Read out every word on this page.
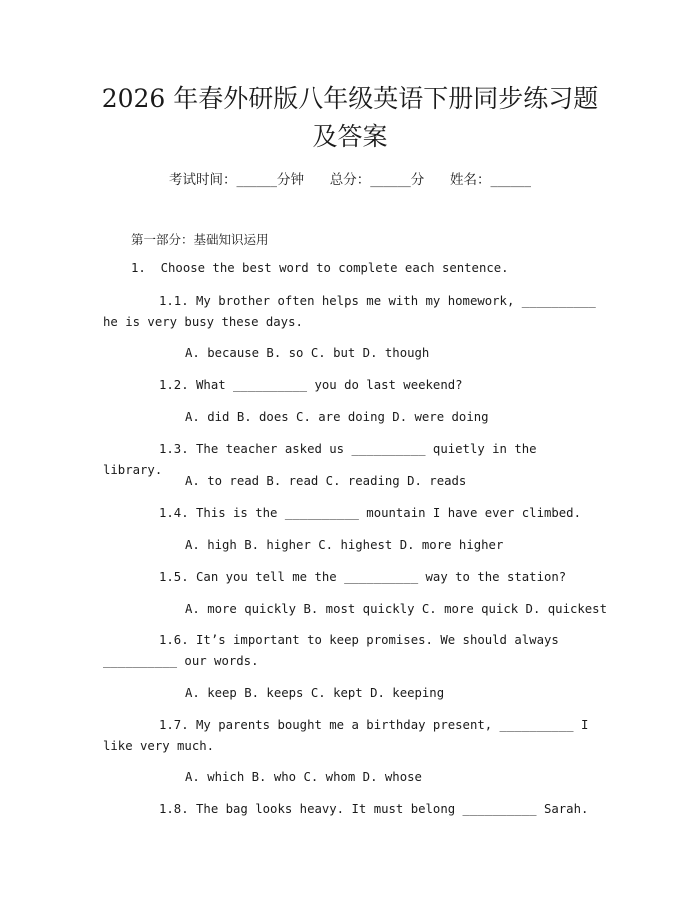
2026 年春外研版八年级英语下册同步练习题
及答案
考试时间：______分钟      总分：______分      姓名：______
第一部分：基础知识运用
1.  Choose the best word to complete each sentence.
1.1. My brother often helps me with my homework, __________ he is very busy these days.
A. because B. so C. but D. though
1.2. What __________ you do last weekend?
A. did B. does C. are doing D. were doing
1.3. The teacher asked us __________ quietly in the library.
A. to read B. read C. reading D. reads
1.4. This is the __________ mountain I have ever climbed.
A. high B. higher C. highest D. more higher
1.5. Can you tell me the __________ way to the station?
A. more quickly B. most quickly C. more quick D. quickest
1.6. It’s important to keep promises. We should always __________ our words.
A. keep B. keeps C. kept D. keeping
1.7. My parents bought me a birthday present, __________ I like very much.
A. which B. who C. whom D. whose
1.8. The bag looks heavy. It must belong __________ Sarah.
